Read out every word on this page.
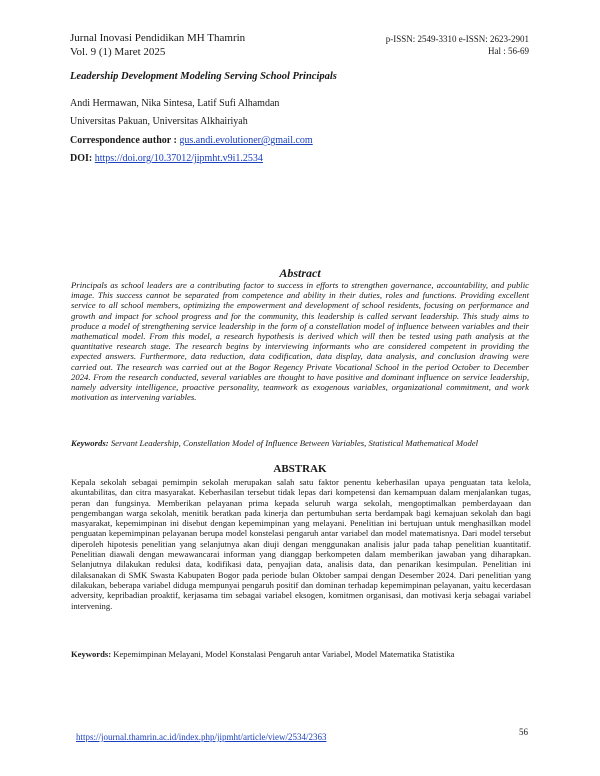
Jurnal Inovasi Pendidikan MH Thamrin
Vol. 9 (1) Maret 2025
p-ISSN: 2549-3310 e-ISSN: 2623-2901
Hal : 56-69
Leadership Development Modeling Serving School Principals
Andi Hermawan, Nika Sintesa, Latif Sufi Alhamdan
Universitas Pakuan, Universitas Alkhairiyah
Correspondence author : gus.andi.evolutioner@gmail.com
DOI: https://doi.org/10.37012/jipmht.v9i1.2534
Abstract
Principals as school leaders are a contributing factor to success in efforts to strengthen governance, accountability, and public image. This success cannot be separated from competence and ability in their duties, roles and functions. Providing excellent service to all school members, optimizing the empowerment and development of school residents, focusing on performance and growth and impact for school progress and for the community, this leadership is called servant leadership. This study aims to produce a model of strengthening service leadership in the form of a constellation model of influence between variables and their mathematical model. From this model, a research hypothesis is derived which will then be tested using path analysis at the quantitative research stage. The research begins by interviewing informants who are considered competent in providing the expected answers. Furthermore, data reduction, data codification, data display, data analysis, and conclusion drawing were carried out. The research was carried out at the Bogor Regency Private Vocational School in the period October to December 2024. From the research conducted, several variables are thought to have positive and dominant influence on service leadership, namely adversity intelligence, proactive personality, teamwork as exogenous variables, organizational commitment, and work motivation as intervening variables.
Keywords: Servant Leadership, Constellation Model of Influence Between Variables, Statistical Mathematical Model
ABSTRAK
Kepala sekolah sebagai pemimpin sekolah merupakan salah satu faktor penentu keberhasilan upaya penguatan tata kelola, akuntabilitas, dan citra masyarakat. Keberhasilan tersebut tidak lepas dari kompetensi dan kemampuan dalam menjalankan tugas, peran dan fungsinya. Memberikan pelayanan prima kepada seluruh warga sekolah, mengoptimalkan pemberdayaan dan pengembangan warga sekolah, menitik beratkan pada kinerja dan pertumbuhan serta berdampak bagi kemajuan sekolah dan bagi masyarakat, kepemimpinan ini disebut dengan kepemimpinan yang melayani. Penelitian ini bertujuan untuk menghasilkan model penguatan kepemimpinan pelayanan berupa model konstelasi pengaruh antar variabel dan model matematisnya. Dari model tersebut diperoleh hipotesis penelitian yang selanjutnya akan diuji dengan menggunakan analisis jalur pada tahap penelitian kuantitatif. Penelitian diawali dengan mewawancarai informan yang dianggap berkompeten dalam memberikan jawaban yang diharapkan. Selanjutnya dilakukan reduksi data, kodifikasi data, penyajian data, analisis data, dan penarikan kesimpulan. Penelitian ini dilaksanakan di SMK Swasta Kabupaten Bogor pada periode bulan Oktober sampai dengan Desember 2024. Dari penelitian yang dilakukan, beberapa variabel diduga mempunyai pengaruh positif dan dominan terhadap kepemimpinan pelayanan, yaitu kecerdasan adversity, kepribadian proaktif, kerjasama tim sebagai variabel eksogen, komitmen organisasi, dan motivasi kerja sebagai variabel intervening.
Keywords: Kepemimpinan Melayani, Model Konstalasi Pengaruh antar Variabel, Model Matematika Statistika
56
https://journal.thamrin.ac.id/index.php/jipmht/article/view/2534/2363
